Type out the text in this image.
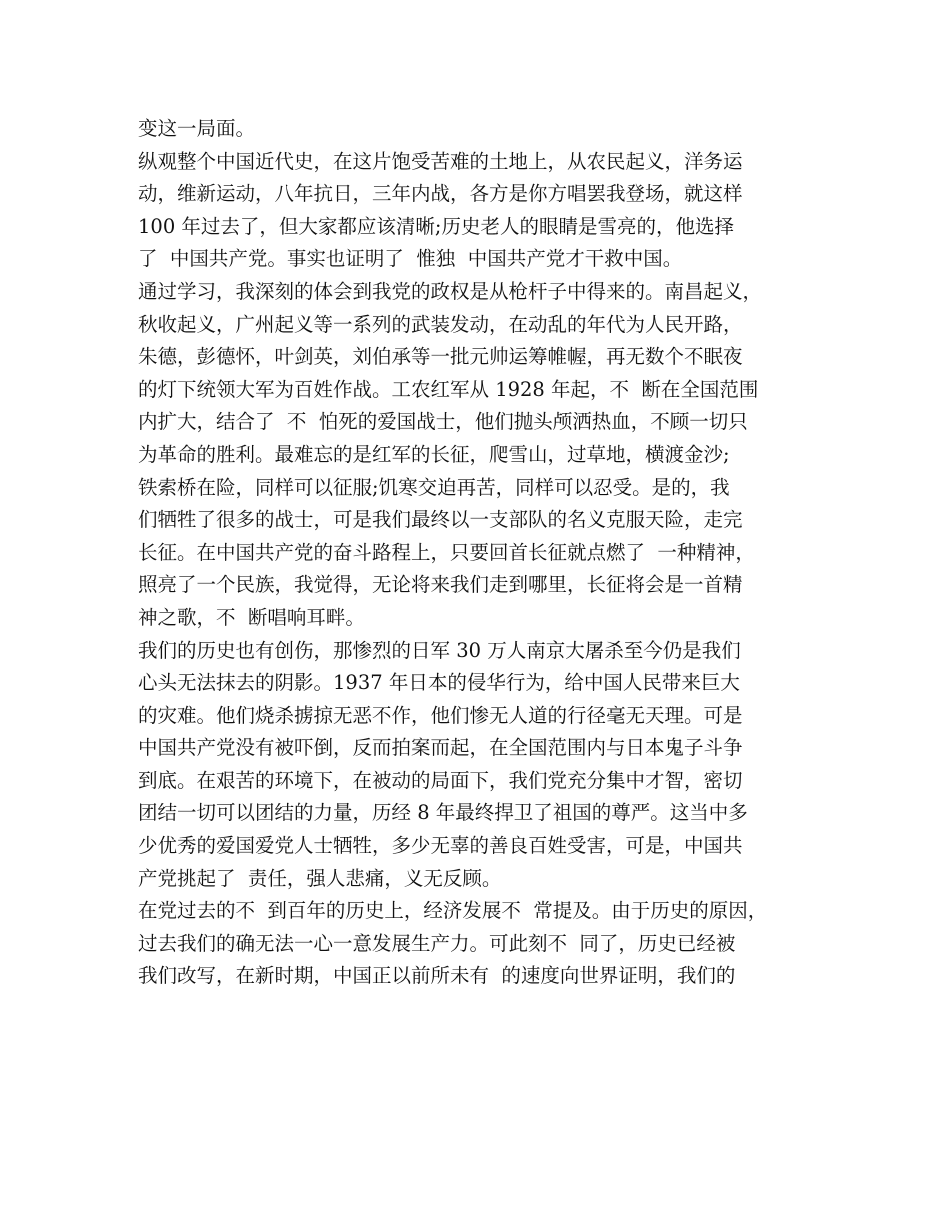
变这一局面。
纵观整个中国近代史，在这片饱受苦难的土地上，从农民起义，洋务运
动，维新运动，八年抗日，三年内战，各方是你方唱罢我登场，就这样
100 年过去了，但大家都应该清晰;历史老人的眼睛是雪亮的，他选择
了  中国共产党。事实也证明了  惟独  中国共产党才干救中国。
通过学习，我深刻的体会到我党的政权是从枪杆子中得来的。南昌起义，
秋收起义，广州起义等一系列的武装发动，在动乱的年代为人民开路，
朱德，彭德怀，叶剑英，刘伯承等一批元帅运筹帷幄，再无数个不眠夜
的灯下统领大军为百姓作战。工农红军从 1928 年起，不  断在全国范围
内扩大，结合了  不  怕死的爱国战士，他们抛头颅洒热血，不顾一切只
为革命的胜利。最难忘的是红军的长征，爬雪山，过草地，横渡金沙;
铁索桥在险，同样可以征服;饥寒交迫再苦，同样可以忍受。是的，我
们牺牲了很多的战士，可是我们最终以一支部队的名义克服天险，走完
长征。在中国共产党的奋斗路程上，只要回首长征就点燃了  一种精神，
照亮了一个民族，我觉得，无论将来我们走到哪里，长征将会是一首精
神之歌，不  断唱响耳畔。
我们的历史也有创伤，那惨烈的日军 30 万人南京大屠杀至今仍是我们
心头无法抹去的阴影。1937 年日本的侵华行为，给中国人民带来巨大
的灾难。他们烧杀掳掠无恶不作，他们惨无人道的行径毫无天理。可是
中国共产党没有被吓倒，反而拍案而起，在全国范围内与日本鬼子斗争
到底。在艰苦的环境下，在被动的局面下，我们党充分集中才智，密切
团结一切可以团结的力量，历经 8 年最终捍卫了祖国的尊严。这当中多
少优秀的爱国爱党人士牺牲，多少无辜的善良百姓受害，可是，中国共
产党挑起了  责任，强人悲痛，义无反顾。
在党过去的不  到百年的历史上，经济发展不  常提及。由于历史的原因，
过去我们的确无法一心一意发展生产力。可此刻不  同了，历史已经被
我们改写，在新时期，中国正以前所未有  的速度向世界证明，我们的
